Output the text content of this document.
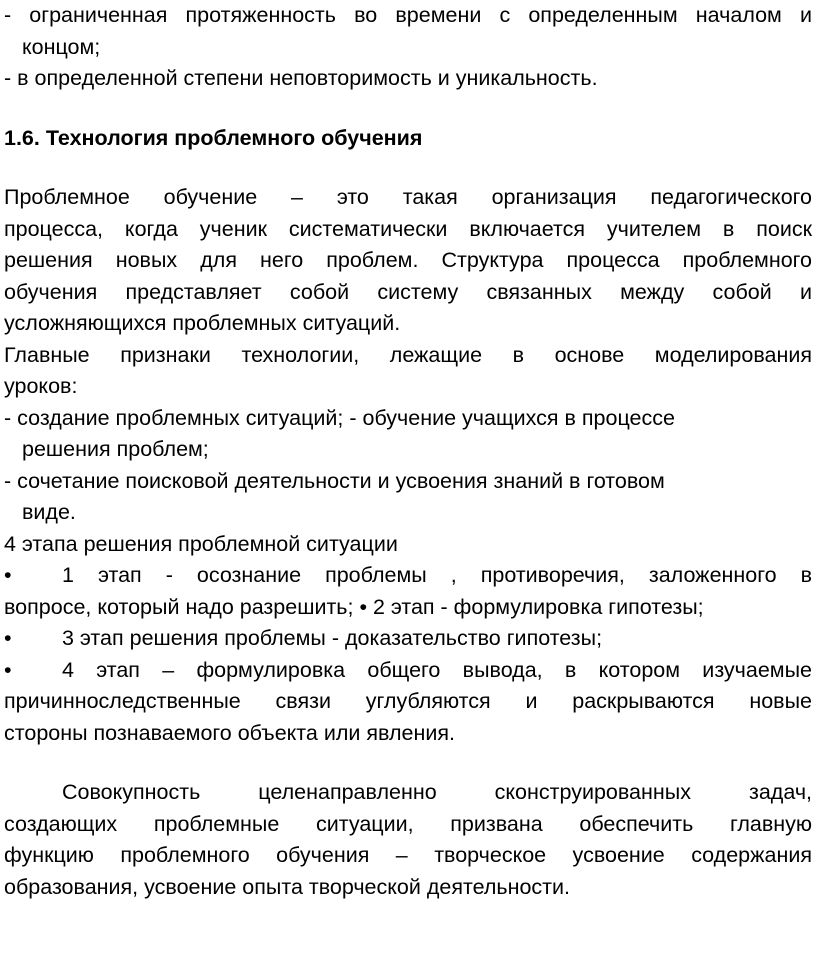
- ограниченная протяженность во времени с определенным началом и
концом;
- в определенной степени неповторимость и уникальность.
1.6. Технология проблемного обучения
Проблемное обучение – это такая организация педагогического
процесса, когда ученик систематически включается учителем в поиск
решения новых для него проблем. Структура процесса проблемного
обучения представляет собой систему связанных между собой и
усложняющихся проблемных ситуаций.
Главные признаки технологии, лежащие в основе моделирования
уроков:
- создание проблемных ситуаций; - обучение учащихся в процессе
решения проблем;
- сочетание поисковой деятельности и усвоения знаний в готовом
виде.
4 этапа решения проблемной ситуации
•	1 этап - осознание проблемы , противоречия, заложенного в
вопросе, который надо разрешить; • 2 этап - формулировка гипотезы;
•	3 этап решения проблемы - доказательство гипотезы;
•	4 этап – формулировка общего вывода, в котором изучаемые
причинноследственные связи углубляются и раскрываются новые
стороны познаваемого объекта или явления.
Совокупность целенаправленно сконструированных задач,
создающих проблемные ситуации, призвана обеспечить главную
функцию проблемного обучения – творческое усвоение содержания
образования, усвоение опыта творческой деятельности.
